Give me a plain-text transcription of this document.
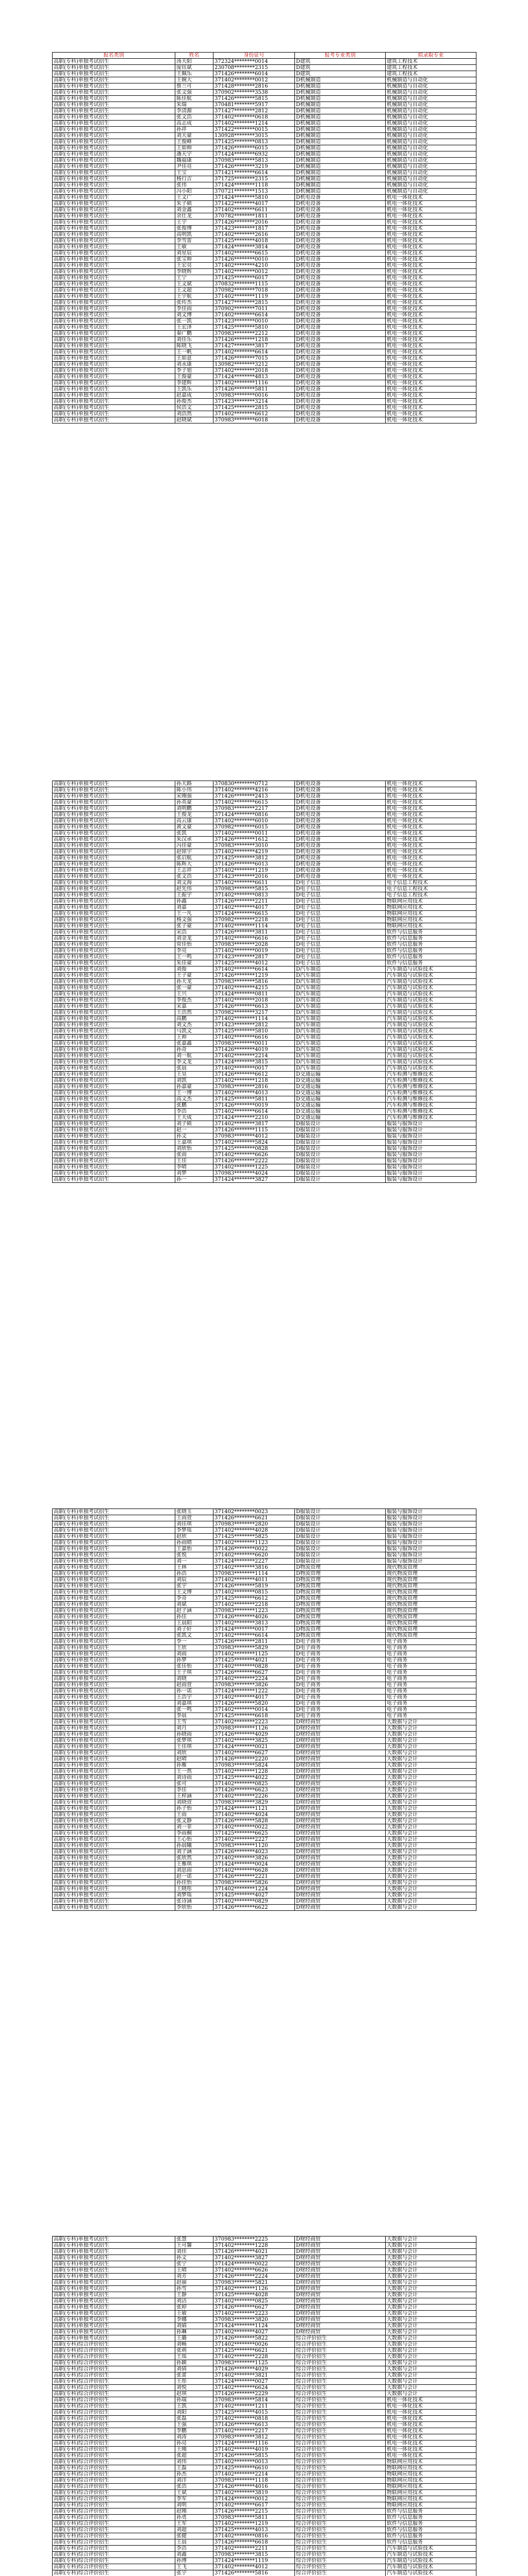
报名类别	姓名	身份证号	报考专业类别	拟录取专业
高职(专科)单独考试招生	汤天阳	372324********0014	D建筑	建筑工程技术
高职(专科)单独考试招生	庞钰斌	230708********2315	D建筑	建筑工程技术
高职(专科)单独考试招生	王佩乐	371426********6014	D建筑	建筑工程技术
高职(专科)单独考试招生	王婉大	371402********0012	D机械制造	机械制造与自动化
高职(专科)单独考试招生	蔡兰可	371428********2816	D机械制造	机械制造与自动化
高职(专科)单独考试招生	张文强	370902********3538	D机械制造	机械制造与自动化
高职(专科)单独考试招生	陈佳航	371426********5815	D机械制造	机械制造与自动化
高职(专科)单独考试招生	朱瑞	370481********5917	D机械制造	机械制造与自动化
高职(专科)单独考试招生	李清源	371427********2812	D机械制造	机械制造与自动化
高职(专科)单独考试招生	张文浩	371402********0618	D机械制造	机械制造与自动化
高职(专科)单独考试招生	高志成	371402********1214	D机械制造	机械制造与自动化
高职(专科)单独考试招生	孙祥	371422********0015	D机械制造	机械制造与自动化
高职(专科)单独考试招生	刘天豪	130928********3015	D机械制造	机械制造与自动化
高职(专科)单独考试招生	王俊峰	371425********0813	D机械制造	机械制造与自动化
高职(专科)单独考试招生	王如帅	371426********6015	D机械制造	机械制造与自动化
高职(专科)单独考试招生	潘天宇	371424********6932	D机械制造	机械制造与自动化
高职(专科)单独考试招生	魏福康	370983********5813	D机械制造	机械制造与自动化
高职(专科)单独考试招生	尹佳亮	371426********3219	D机械制造	机械制造与自动化
高职(专科)单独考试招生	王宝	371421********6614	D机械制造	机械制造与自动化
高职(专科)单独考试招生	杨行吉	371725********2315	D机械制造	机械制造与自动化
高职(专科)单独考试招生	张伟	371424********1118	D机械制造	机械制造与自动化
高职(专科)单独考试招生	冯小阳	370721********1513	D机械制造	机械制造与自动化
高职(专科)单独考试招生	王文广	371424********5810	D机电设备	机电一体化技术
高职(专科)单独考试招生	朱子硕	371422********4017	D机电设备	机电一体化技术
高职(专科)单独考试招生	刘金鑫	371402********6611	D机电设备	机电一体化技术
高职(专科)单独考试招生	余仕龙	370782********1811	D机电设备	机电一体化技术
高职(专科)单独考试招生	王宇	371426********2016	D机电设备	机电一体化技术
高职(专科)单独考试招生	张俊博	371423********1817	D机电设备	机电一体化技术
高职(专科)单独考试招生	高明凯	371402********2616	D机电设备	机电一体化技术
高职(专科)单独考试招生	李雪雷	371425********4018	D机电设备	机电一体化技术
高职(专科)单独考试招生	王敏	371424********3814	D机电设备	机电一体化技术
高职(专科)单独考试招生	刘星辰	371402********6615	D机电设备	机电一体化技术
高职(专科)单独考试招生	张宝帅	371426********0010	D机电设备	机电一体化技术
高职(专科)单独考试招生	王宏亮	371402********4210	D机电设备	机电一体化技术
高职(专科)单独考试招生	李晓辉	371402********0012	D机电设备	机电一体化技术
高职(专科)单独考试招生	王宁	371425********6017	D机电设备	机电一体化技术
高职(专科)单独考试招生	王文斌	370832********1115	D机电设备	机电一体化技术
高职(专科)单独考试招生	王文超	370982********7018	D机电设备	机电一体化技术
高职(专科)单独考试招生	王宇航	371402********1119	D机电设备	机电一体化技术
高职(专科)单独考试招生	张传杰	371427********2815	D机电设备	机电一体化技术
高职(专科)单独考试招生	李佳雨	370902********7011	D机电设备	机电一体化技术
高职(专科)单独考试招生	刘文博	371402********6614	D机电设备	机电一体化技术
高职(专科)单独考试招生	张一凯	371423********0010	D机电设备	机电一体化技术
高职(专科)单独考试招生	王宏泽	371425********5810	D机电设备	机电一体化技术
高职(专科)单独考试招生	秦广鹏	370983********2212	D机电设备	机电一体化技术
高职(专科)单独考试招生	刘佳乐	371426********1218	D机电设备	机电一体化技术
高职(专科)单独考试招生	陈晓飞	371427********3817	D机电设备	机电一体化技术
高职(专科)单独考试招生	王一帆	371402********6614	D机电设备	机电一体化技术
高职(专科)单独考试招生	王如意	371426********7015	D机电设备	机电一体化技术
高职(专科)单独考试招生	刘永康	130982********3212	D机电设备	机电一体化技术
高职(专科)单独考试招生	李子旭	371402********2018	D机电设备	机电一体化技术
高职(专科)单独考试招生	王俊豪	371424********4813	D机电设备	机电一体化技术
高职(专科)单独考试招生	李建辉	371402********1116	D机电设备	机电一体化技术
高职(专科)单独考试招生	王凯乐	371426********5811	D机电设备	机电一体化技术
高职(专科)单独考试招生	赵嘉成	370983********0016	D机电设备	机电一体化技术
高职(专科)单独考试招生	孙俊杰	371423********3214	D机电设备	机电一体化技术
高职(专科)单独考试招生	侯浩文	371425********2815	D机电设备	机电一体化技术
高职(专科)单独考试招生	刘浩然	371402********6612	D机电设备	机电一体化技术
高职(专科)单独考试招生	赵晓斌	370983********6018	D机电设备	机电一体化技术
高职(专科)单独考试招生	孙天路	370830********0712	D机电设备	机电一体化技术
高职(专科)单独考试招生	陈小伟	371402********4216	D机电设备	机电一体化技术
高职(专科)单独考试招生	宋刚强	371426********2413	D机电设备	机电一体化技术
高职(专科)单独考试招生	孙英豪	371402********6615	D机电设备	机电一体化技术
高职(专科)单独考试招生	刘明鹏	370983********2217	D机电设备	机电一体化技术
高职(专科)单独考试招生	王俊龙	371424********0816	D机电设备	机电一体化技术
高职(专科)单独考试招生	高云康	371402********6010	D机电设备	机电一体化技术
高职(专科)单独考试招生	黄文豪	370982********6015	D机电设备	机电一体化技术
高职(专科)单独考试招生	张凯	371402********0011	D机电设备	机电一体化技术
高职(专科)单独考试招生	朱汉承	371426********1612	D机电设备	机电一体化技术
高职(专科)单独考试招生	冯佳豪	370983********3010	D机电设备	机电一体化技术
高职(专科)单独考试招生	赵铭宇	371402********4219	D机电设备	机电一体化技术
高职(专科)单独考试招生	张启航	371425********3812	D机电设备	机电一体化技术
高职(专科)单独考试招生	陈辉大	371426********6013	D机电设备	机电一体化技术
高职(专科)单独考试招生	王志祥	371402********1219	D机电设备	机电一体化技术
高职(专科)单独考试招生	张文浩	371423********2016	D机电设备	机电一体化技术
高职(专科)单独考试招生	刘文海	371402********6611	D电子信息	电子信息工程技术
高职(专科)单独考试招生	赵先伟	370983********5815	D电子信息	电子信息工程技术
高职(专科)单独考试招生	王振宇	371402********0813	D电子信息	电子信息工程技术
高职(专科)单独考试招生	孙鑫	371426********2211	D电子信息	物联网应用技术
高职(专科)单独考试招生	刘嘉	371402********4017	D电子信息	物联网应用技术
高职(专科)单独考试招生	王一凡	371424********6615	D电子信息	物联网应用技术
高职(专科)单独考试招生	杨文强	370982********2218	D电子信息	物联网应用技术
高职(专科)单独考试招生	张子豪	371402********1114	D电子信息	物联网应用技术
高职(专科)单独考试招生	宋浩	371426********3811	D电子信息	软件与信息服务
高职(专科)单独考试招生	刘金龙	371402********6616	D电子信息	软件与信息服务
高职(专科)单独考试招生	常佳怡	370983********2028	D电子信息	软件与信息服务
高职(专科)单独考试招生	李亮	371402********0019	D电子信息	软件与信息服务
高职(专科)单独考试招生	王一鸣	371423********2817	D电子信息	软件与信息服务
高职(专科)单独考试招生	朱佳豪	371425********4012	D电子信息	软件与信息服务
高职(专科)单独考试招生	刘俊	371402********6614	D汽车制造	汽车制造与试验技术
高职(专科)单独考试招生	王子豪	371426********1219	D汽车制造	汽车制造与试验技术
高职(专科)单独考试招生	孙天龙	370983********5816	D汽车制造	汽车制造与试验技术
高职(专科)单独考试招生	张一豪	371402********4215	D汽车制造	汽车制造与试验技术
高职(专科)单独考试招生	王兴	371424********0811	D汽车制造	汽车制造与试验技术
高职(专科)单独考试招生	李俊杰	371402********2018	D汽车制造	汽车制造与试验技术
高职(专科)单独考试招生	宋嘉	371426********6613	D汽车制造	汽车制造与试验技术
高职(专科)单独考试招生	王浩然	370982********3217	D汽车制造	汽车制造与试验技术
高职(专科)单独考试招生	高鹏	371402********1114	D汽车制造	汽车制造与试验技术
高职(专科)单独考试招生	刘文杰	371423********2812	D汽车制造	汽车制造与试验技术
高职(专科)单独考试招生	马凯文	371425********5810	D汽车制造	汽车制造与试验技术
高职(专科)单独考试招生	王帅	371402********6616	D汽车制造	汽车制造与试验技术
高职(专科)单独考试招生	张嘉鑫	370983********0011	D汽车制造	汽车制造与试验技术
高职(专科)单独考试招生	孙奇	371426********4019	D汽车制造	汽车制造与试验技术
高职(专科)单独考试招生	刘一航	371402********2214	D汽车制造	汽车制造与试验技术
高职(专科)单独考试招生	李文龙	371424********3815	D汽车制造	汽车制造与试验技术
高职(专科)单独考试招生	张晨	371402********0017	D汽车制造	汽车制造与试验技术
高职(专科)单独考试招生	王昊	371426********6612	D交通运输	汽车检测与维修技术
高职(专科)单独考试招生	刘凯	371402********1218	D交通运输	汽车检测与维修技术
高职(专科)单独考试招生	孙嘉豪	370983********2816	D交通运输	汽车检测与维修技术
高职(专科)单独考试招生	王一博	371402********4013	D交通运输	汽车检测与维修技术
高职(专科)单独考试招生	高文杰	371425********5811	D交通运输	汽车检测与维修技术
高职(专科)单独考试招生	张鹏	371426********0019	D交通运输	汽车检测与维修技术
高职(专科)单独考试招生	李浩	371402********6614	D交通运输	汽车检测与维修技术
高职(专科)单独考试招生	王天成	371424********2210	D交通运输	汽车检测与维修技术
高职(专科)单独考试招生	刘子硕	371402********3817	D服装设计	服装与服饰设计
高职(专科)单独考试招生	赵一	371426********1115	D服装设计	服装与服饰设计
高职(专科)单独考试招生	孙文	370983********4012	D服装设计	服装与服饰设计
高职(专科)单独考试招生	王嘉琪	371402********5824	D服装设计	服装与服饰设计
高职(专科)单独考试招生	刘欣怡	371425********0828	D服装设计	服装与服饰设计
高职(专科)单独考试招生	张雨	371402********6626	D服装设计	服装与服饰设计
高职(专科)单独考试招生	王佳	371426********2222	D服装设计	服装与服饰设计
高职(专科)单独考试招生	李晴	371402********1225	D服装设计	服装与服饰设计
高职(专科)单独考试招生	刘梦	370983********4024	D服装设计	服装与服饰设计
高职(专科)单独考试招生	孙一	371424********3827	D服装设计	服装与服饰设计
高职(专科)单独考试招生	张晓玉	371402********0023	D服装设计	服装与服饰设计
高职(专科)单独考试招生	王雨萱	371426********6621	D服装设计	服装与服饰设计
高职(专科)单独考试招生	刘佳琪	370983********2820	D服装设计	服装与服饰设计
高职(专科)单独考试招生	李梦瑶	371402********4028	D服装设计	服装与服饰设计
高职(专科)单独考试招生	赵欣	371425********5825	D服装设计	服装与服饰设计
高职(专科)单独考试招生	孙雨晴	371402********1123	D服装设计	服装与服饰设计
高职(专科)单独考试招生	王嘉怡	371426********0022	D服装设计	服装与服饰设计
高职(专科)单独考试招生	张悦	371402********6620	D服装设计	服装与服饰设计
高职(专科)单独考试招生	刘一	371424********2227	D服装设计	服装与服饰设计
高职(专科)单独考试招生	王林	371402********3816	D物流管理	现代物流管理
高职(专科)单独考试招生	孙浩	370983********1114	D物流管理	现代物流管理
高职(专科)单独考试招生	刘辰	371402********4011	D物流管理	现代物流管理
高职(专科)单独考试招生	张宇	371426********5819	D物流管理	现代物流管理
高职(专科)单独考试招生	王文博	371402********0815	D物流管理	现代物流管理
高职(专科)单独考试招生	李奇	371425********6612	D物流管理	现代物流管理
高职(专科)单独考试招生	刘斌	371402********2218	D物流管理	现代物流管理
高职(专科)单独考试招生	赵子涵	370983********1223	D物流管理	现代物流管理
高职(专科)单独考试招生	孙佳	371426********4026	D物流管理	现代物流管理
高职(专科)单独考试招生	王晨阳	371402********3813	D物流管理	现代物流管理
高职(专科)单独考试招生	刘子轩	371424********0017	D物流管理	现代物流管理
高职(专科)单独考试招生	张凯文	371402********6614	D物流管理	现代物流管理
高职(专科)单独考试招生	李一	371426********2811	D电子商务	电子商务
高职(专科)单独考试招生	王欣	370983********5829	D电子商务	电子商务
高职(专科)单独考试招生	刘雨	371402********1125	D电子商务	电子商务
高职(专科)单独考试招生	孙梦	371425********4021	D电子商务	电子商务
高职(专科)单独考试招生	张佳怡	371402********0828	D电子商务	电子商务
高职(专科)单独考试招生	王子琪	371426********6627	D电子商务	电子商务
高职(专科)单独考试招生	刘晓	371402********2224	D电子商务	电子商务
高职(专科)单独考试招生	赵雨萱	370983********3826	D电子商务	电子商务
高职(专科)单独考试招生	孙一诺	371424********1222	D电子商务	电子商务
高职(专科)单独考试招生	王浩宇	371402********4017	D电子商务	电子商务
高职(专科)单独考试招生	刘嘉琪	371426********5820	D电子商务	电子商务
高职(专科)单独考试招生	张一鸣	371402********0014	D电子商务	电子商务
高职(专科)单独考试招生	李晨	371425********6618	D电子商务	电子商务
高职(专科)单独考试招生	王雪	371402********2223	D财经商贸	大数据与会计
高职(专科)单独考试招生	刘月	370983********1126	D财经商贸	大数据与会计
高职(专科)单独考试招生	孙晓雨	371426********4029	D财经商贸	大数据与会计
高职(专科)单独考试招生	张梦琪	371402********3825	D财经商贸	大数据与会计
高职(专科)单独考试招生	王佳琪	371424********0021	D财经商贸	大数据与会计
高职(专科)单独考试招生	刘欣	371402********6627	D财经商贸	大数据与会计
高职(专科)单独考试招生	赵晴	371426********2220	D财经商贸	大数据与会计
高职(专科)单独考试招生	孙雅	370983********5824	D财经商贸	大数据与会计
高职(专科)单独考试招生	王一然	371402********1228	D财经商贸	大数据与会计
高职(专科)单独考试招生	刘诗雨	371425********4022	D财经商贸	大数据与会计
高职(专科)单独考试招生	张可	371402********0825	D财经商贸	大数据与会计
高职(专科)单独考试招生	李佳	371426********6623	D财经商贸	大数据与会计
高职(专科)单独考试招生	王梓涵	371402********2226	D财经商贸	大数据与会计
高职(专科)单独考试招生	刘晓萱	370983********3829	D财经商贸	大数据与会计
高职(专科)单独考试招生	孙子怡	371424********1121	D财经商贸	大数据与会计
高职(专科)单独考试招生	王雨	371402********4024	D财经商贸	大数据与会计
高职(专科)单独考试招生	张文静	371426********5828	D财经商贸	大数据与会计
高职(专科)单独考试招生	刘一菲	371402********0022	D财经商贸	大数据与会计
高职(专科)单独考试招生	李雨桐	371425********6625	D财经商贸	大数据与会计
高职(专科)单独考试招生	王心怡	371402********2227	D财经商贸	大数据与会计
高职(专科)单独考试招生	孙晨曦	370983********1120	D财经商贸	大数据与会计
高职(专科)单独考试招生	刘子涵	371426********4023	D财经商贸	大数据与会计
高职(专科)单独考试招生	张欣然	371402********3826	D财经商贸	大数据与会计
高职(专科)单独考试招生	王雅琪	371424********0024	D财经商贸	大数据与会计
高职(专科)单独考试招生	刘思雨	371402********6628	D财经商贸	大数据与会计
高职(专科)单独考试招生	赵一诺	371426********2221	D财经商贸	大数据与会计
高职(专科)单独考试招生	孙佳怡	370983********5826	D财经商贸	大数据与会计
高职(专科)单独考试招生	王晓彤	371402********1224	D财经商贸	大数据与会计
高职(专科)单独考试招生	刘梦瑶	371425********4027	D财经商贸	大数据与会计
高职(专科)单独考试招生	张诗涵	371402********0829	D财经商贸	大数据与会计
高职(专科)单独考试招生	李欣怡	371426********6622	D财经商贸	大数据与会计
高职(专科)单独考试招生	张慧	370983********2225	D财经商贸	大数据与会计
高职(专科)单独考试招生	王可馨	371402********1228	D财经商贸	大数据与会计
高职(专科)单独考试招生	刘佳	371426********4021	D财经商贸	大数据与会计
高职(专科)单独考试招生	孙文	371402********3827	D财经商贸	大数据与会计
高职(专科)单独考试招生	张宁	371424********0022	D财经商贸	大数据与会计
高职(专科)单独考试招生	王晴	371402********6626	D财经商贸	大数据与会计
高职(专科)单独考试招生	刘芳	371426********2224	D财经商贸	大数据与会计
高职(专科)单独考试招生	赵丽	370983********5821	D财经商贸	大数据与会计
高职(专科)单独考试招生	孙雪	371402********1126	D财经商贸	大数据与会计
高职(专科)单独考试招生	王静	371425********4028	D财经商贸	大数据与会计
高职(专科)单独考试招生	刘洁	371402********0825	D财经商贸	大数据与会计
高职(专科)单独考试招生	张婷	371426********6627	D财经商贸	大数据与会计
高职(专科)单独考试招生	王敏	371402********2223	D财经商贸	大数据与会计
高职(专科)单独考试招生	李娜	370983********3820	D财经商贸	大数据与会计
高职(专科)单独考试招生	刘婧	371424********1124	D财经商贸	大数据与会计
高职(专科)单独考试招生	孙琳	371402********4027	D财经商贸	大数据与会计
高职(专科)单独考试招生	王璐	371426********5822	综合评价招生	大数据与会计
高职(专科)综合评价招生	刘畅	371402********0026	综合评价招生	大数据与会计
高职(专科)综合评价招生	张萌	371425********6621	综合评价招生	大数据与会计
高职(专科)综合评价招生	王瑶	371402********2228	综合评价招生	大数据与会计
高职(专科)综合评价招生	孙颖	370983********1125	综合评价招生	大数据与会计
高职(专科)综合评价招生	刘倩	371426********4029	综合评价招生	大数据与会计
高职(专科)综合评价招生	张蕾	371402********3821	综合评价招生	大数据与会计
高职(专科)综合评价招生	王彤	371424********0027	综合评价招生	大数据与会计
高职(专科)综合评价招生	刘悦	371402********6624	综合评价招生	大数据与会计
高职(专科)综合评价招生	赵琪	371426********2229	综合评价招生	大数据与会计
高职(专科)综合评价招生	孙瑞	370983********5814	综合评价招生	机电一体化技术
高职(专科)综合评价招生	王凯	371402********1211	综合评价招生	机电一体化技术
高职(专科)综合评价招生	刘阳	371425********4015	综合评价招生	机电一体化技术
高职(专科)综合评价招生	张磊	371402********0818	综合评价招生	机电一体化技术
高职(专科)综合评价招生	王强	371426********6613	综合评价招生	机电一体化技术
高职(专科)综合评价招生	李鹏	371402********2217	综合评价招生	机电一体化技术
高职(专科)综合评价招生	刘涛	370983********3812	综合评价招生	机电一体化技术
高职(专科)综合评价招生	孙亮	371424********1116	综合评价招生	机电一体化技术
高职(专科)综合评价招生	王刚	371402********4019	综合评价招生	机电一体化技术
高职(专科)综合评价招生	张超	371426********5815	综合评价招生	机电一体化技术
高职(专科)综合评价招生	刘伟	371402********0013	综合评价招生	物联网应用技术
高职(专科)综合评价招生	王磊	371425********6610	综合评价招生	物联网应用技术
高职(专科)综合评价招生	孙杰	371402********2214	综合评价招生	物联网应用技术
高职(专科)综合评价招生	刘洋	370983********1118	综合评价招生	物联网应用技术
高职(专科)综合评价招生	张浩	371426********4016	综合评价招生	物联网应用技术
高职(专科)综合评价招生	王斌	371402********3819	综合评价招生	物联网应用技术
高职(专科)综合评价招生	李军	371424********0012	综合评价招生	物联网应用技术
高职(专科)综合评价招生	刘明	371402********6617	综合评价招生	物联网应用技术
高职(专科)综合评价招生	赵刚	371426********2215	综合评价招生	软件与信息服务
高职(专科)综合评价招生	孙勇	370983********5811	综合评价招生	软件与信息服务
高职(专科)综合评价招生	王军	371402********1219	综合评价招生	软件与信息服务
高职(专科)综合评价招生	刘超	371425********4013	综合评价招生	软件与信息服务
高职(专科)综合评价招生	张健	371402********0816	综合评价招生	软件与信息服务
高职(专科)综合评价招生	王晨	371426********6618	综合评价招生	软件与信息服务
高职(专科)综合评价招生	李浩	371402********2211	综合评价招生	汽车制造与试验技术
高职(专科)综合评价招生	刘鑫	370983********3815	综合评价招生	汽车制造与试验技术
高职(专科)综合评价招生	孙博	371424********1119	综合评价招生	汽车制造与试验技术
高职(专科)综合评价招生	王飞	371402********4012	综合评价招生	汽车制造与试验技术
高职(专科)综合评价招生	张宇	371426********5816	综合评价招生	汽车制造与试验技术
